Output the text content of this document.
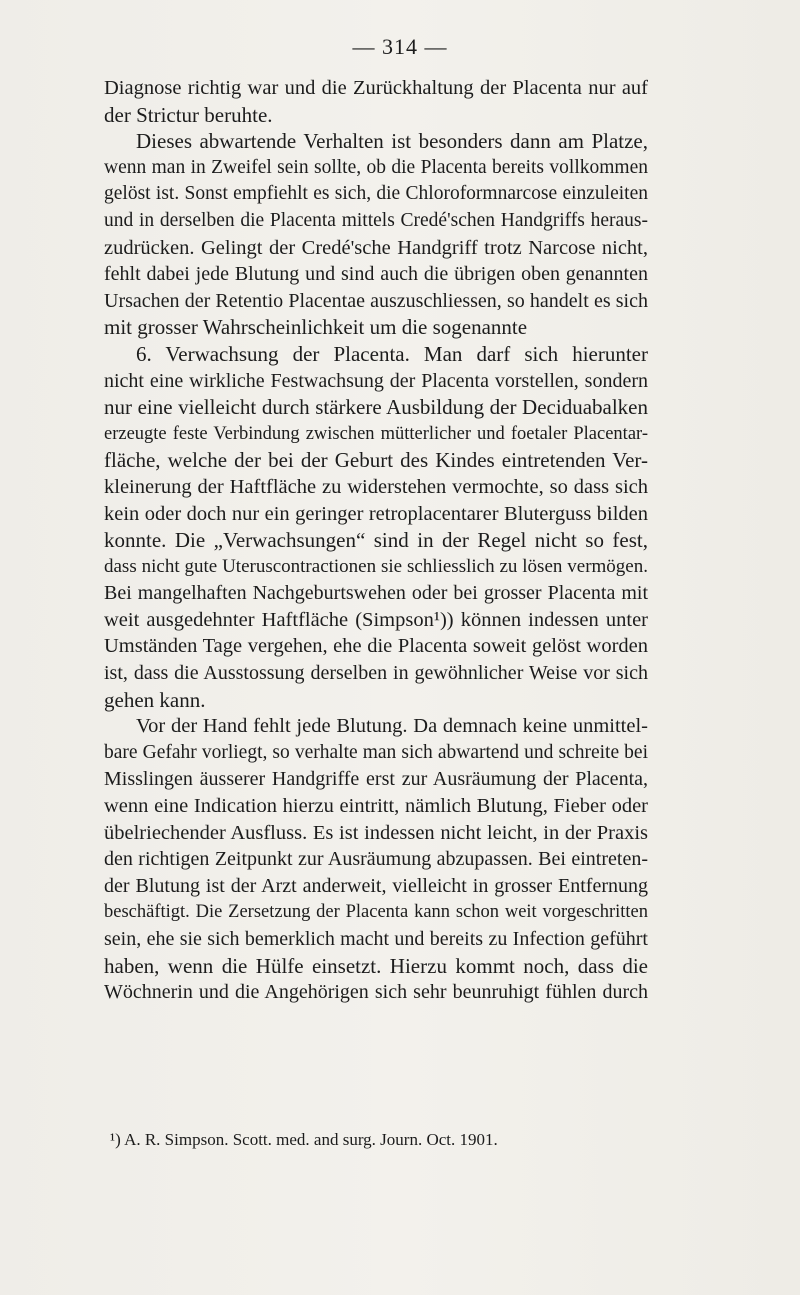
— 314 —
Diagnose richtig war und die Zurückhaltung der Placenta nur auf
der Strictur beruhte.
Dieses abwartende Verhalten ist besonders dann am Platze,
wenn man in Zweifel sein sollte, ob die Placenta bereits vollkommen
gelöst ist. Sonst empfiehlt es sich, die Chloroformnarcose einzuleiten
und in derselben die Placenta mittels Credé'schen Handgriffs heraus-
zudrücken. Gelingt der Credé'sche Handgriff trotz Narcose nicht,
fehlt dabei jede Blutung und sind auch die übrigen oben genannten
Ursachen der Retentio Placentae auszuschliessen, so handelt es sich
mit grosser Wahrscheinlichkeit um die sogenannte
6. Verwachsung der Placenta. Man darf sich hierunter
nicht eine wirkliche Festwachsung der Placenta vorstellen, sondern
nur eine vielleicht durch stärkere Ausbildung der Deciduabalken
erzeugte feste Verbindung zwischen mütterlicher und foetaler Placentar-
fläche, welche der bei der Geburt des Kindes eintretenden Ver-
kleinerung der Haftfläche zu widerstehen vermochte, so dass sich
kein oder doch nur ein geringer retroplacentarer Bluterguss bilden
konnte. Die „Verwachsungen“ sind in der Regel nicht so fest,
dass nicht gute Uteruscontractionen sie schliesslich zu lösen vermögen.
Bei mangelhaften Nachgeburtswehen oder bei grosser Placenta mit
weit ausgedehnter Haftfläche (Simpson¹)) können indessen unter
Umständen Tage vergehen, ehe die Placenta soweit gelöst worden
ist, dass die Ausstossung derselben in gewöhnlicher Weise vor sich
gehen kann.
Vor der Hand fehlt jede Blutung. Da demnach keine unmittel-
bare Gefahr vorliegt, so verhalte man sich abwartend und schreite bei
Misslingen äusserer Handgriffe erst zur Ausräumung der Placenta,
wenn eine Indication hierzu eintritt, nämlich Blutung, Fieber oder
übelriechender Ausfluss. Es ist indessen nicht leicht, in der Praxis
den richtigen Zeitpunkt zur Ausräumung abzupassen. Bei eintreten-
der Blutung ist der Arzt anderweit, vielleicht in grosser Entfernung
beschäftigt. Die Zersetzung der Placenta kann schon weit vorgeschritten
sein, ehe sie sich bemerklich macht und bereits zu Infection geführt
haben, wenn die Hülfe einsetzt. Hierzu kommt noch, dass die
Wöchnerin und die Angehörigen sich sehr beunruhigt fühlen durch
¹) A. R. Simpson. Scott. med. and surg. Journ. Oct. 1901.
